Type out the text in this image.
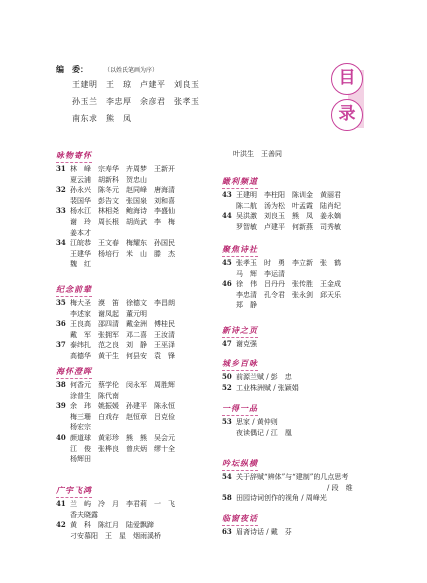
编　委：	（以姓氏笔画为序）
王建明　王　琼　卢建平　刘良玉
孙玉兰　李忠厚　余彦君　张孝玉
南东求　熊　凤
目
录
咏物寄怀
31 林　峰　宗寿华　卉周梦　王新开
夏云浦　胡新科　贺忠山
32 孙永兴　陈冬元　赵同峰　唐海清
裴国华　彭告文　张国泉　刘和喜
33 杨水江　林相尧　鲍海诗　李盛仙
谢　玲　周长根　胡尚武　李　梅
姜本才
34 江皖恭　王文春　梅耀东　孙国民
王建华　杨培行　米　山　滕　杰
魏　红
纪念前辈
35 梅大圣　漠　笛　徐德文　李昌朗
李述家　谢凤起　董元明
36 王良高　邵四清　戴金洲　傅桂民
戴　军　张拥军　邓二喜　王汝清
37 泰纬扎　范之良　刘　静　王巫泽
高德华　黄干生　何县安　袁　锋
海怀澄晖
38 何香元　蔡学伦　闵永军　周胜辉
涂普生　陈代南
39 余　玮　姚振媛　孙建平　陈永恒
梅三珊　白戏存　赵恒章　吕克俭
杨宏宗
40 颜道球　黄彩珍　熊　熊　吴会元
江　俊　张桦良　曾庆炳　缪十全
杨辉田
广宇飞鸿
41 兰　屿　冷　月　李君莉　一　飞
香夫晓露
42 黄　科　陈红月　陆爱飘蹄
刁安慕阳　王　星　烟雨溪桥
叶洪生　王善同
瞰利频道
43 王建明　李柱阳　陈训金　黄丽君
陈二航　汤为松　叶孟霞　陆肖纪
44 吴洪激　刘良玉　熊　凤　姜永嫡
罗智敏　卢建平　何新燕　司秀敏
聚焦诗社
45 张孝玉　时　勇　李立新　张　鹤
马　辉　李运清
46 徐　伟　吕丹丹　张传胜　王金成
李忠清　孔令君　张永剑　邱天乐
郑　静
新诗之页
47 谢克强
城乡百咏
50 前源兰赋 / 彭　忠
52 工业株洲赋 / 张颖娟
一得一品
53 思家 / 黄仲则
夜读偶记 / 江　凰
吟坛纵横
54 关于辞赋“辨体”与“建制”的几点思考
　　　　　　　　　　　　　/ 段　维
58 田园诗词创作的视角 / 周峰光
临窗夜话
63 眉斋诗话 / 戴　芬
